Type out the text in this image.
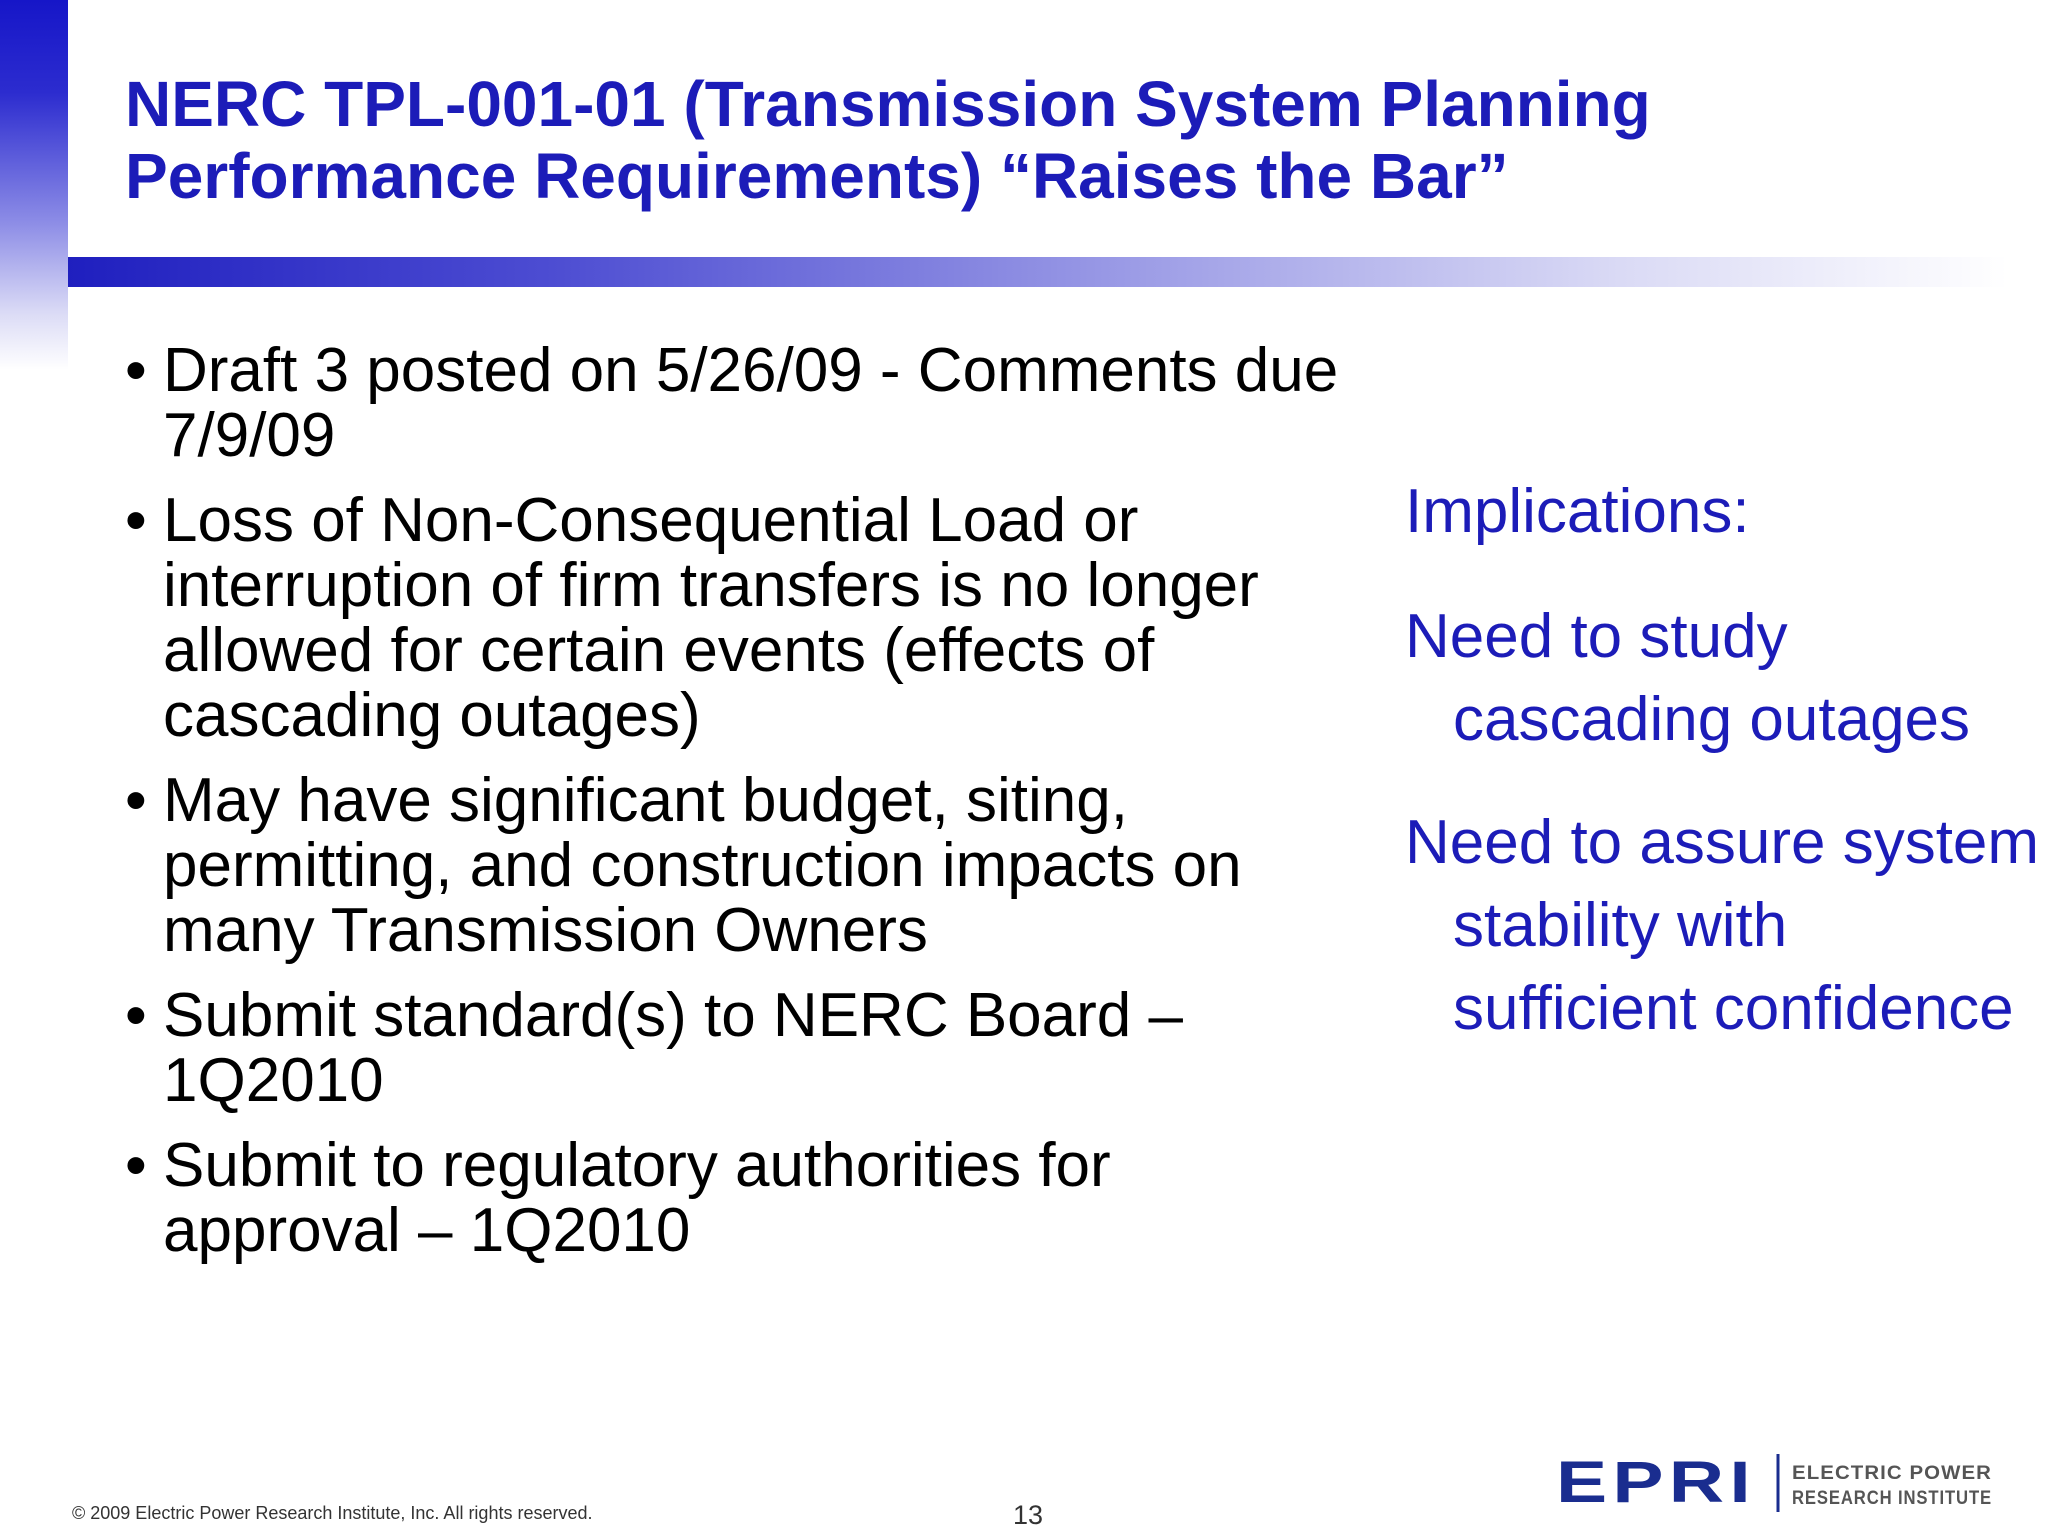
NERC TPL-001-01 (Transmission System Planning Performance Requirements) “Raises the Bar”
• Draft 3 posted on 5/26/09 - Comments due 7/9/09
• Loss of Non-Consequential Load or interruption of firm transfers is no longer allowed for certain events (effects of cascading outages)
• May have significant budget, siting, permitting, and construction impacts on many Transmission Owners
• Submit standard(s) to NERC Board – 1Q2010
• Submit to regulatory authorities for approval – 1Q2010
Implications:
Need to study cascading outages
Need to assure system stability with sufficient confidence
© 2009 Electric Power Research Institute, Inc. All rights reserved.	13	EPRI ELECTRIC POWER
RESEARCH INSTITUTE
